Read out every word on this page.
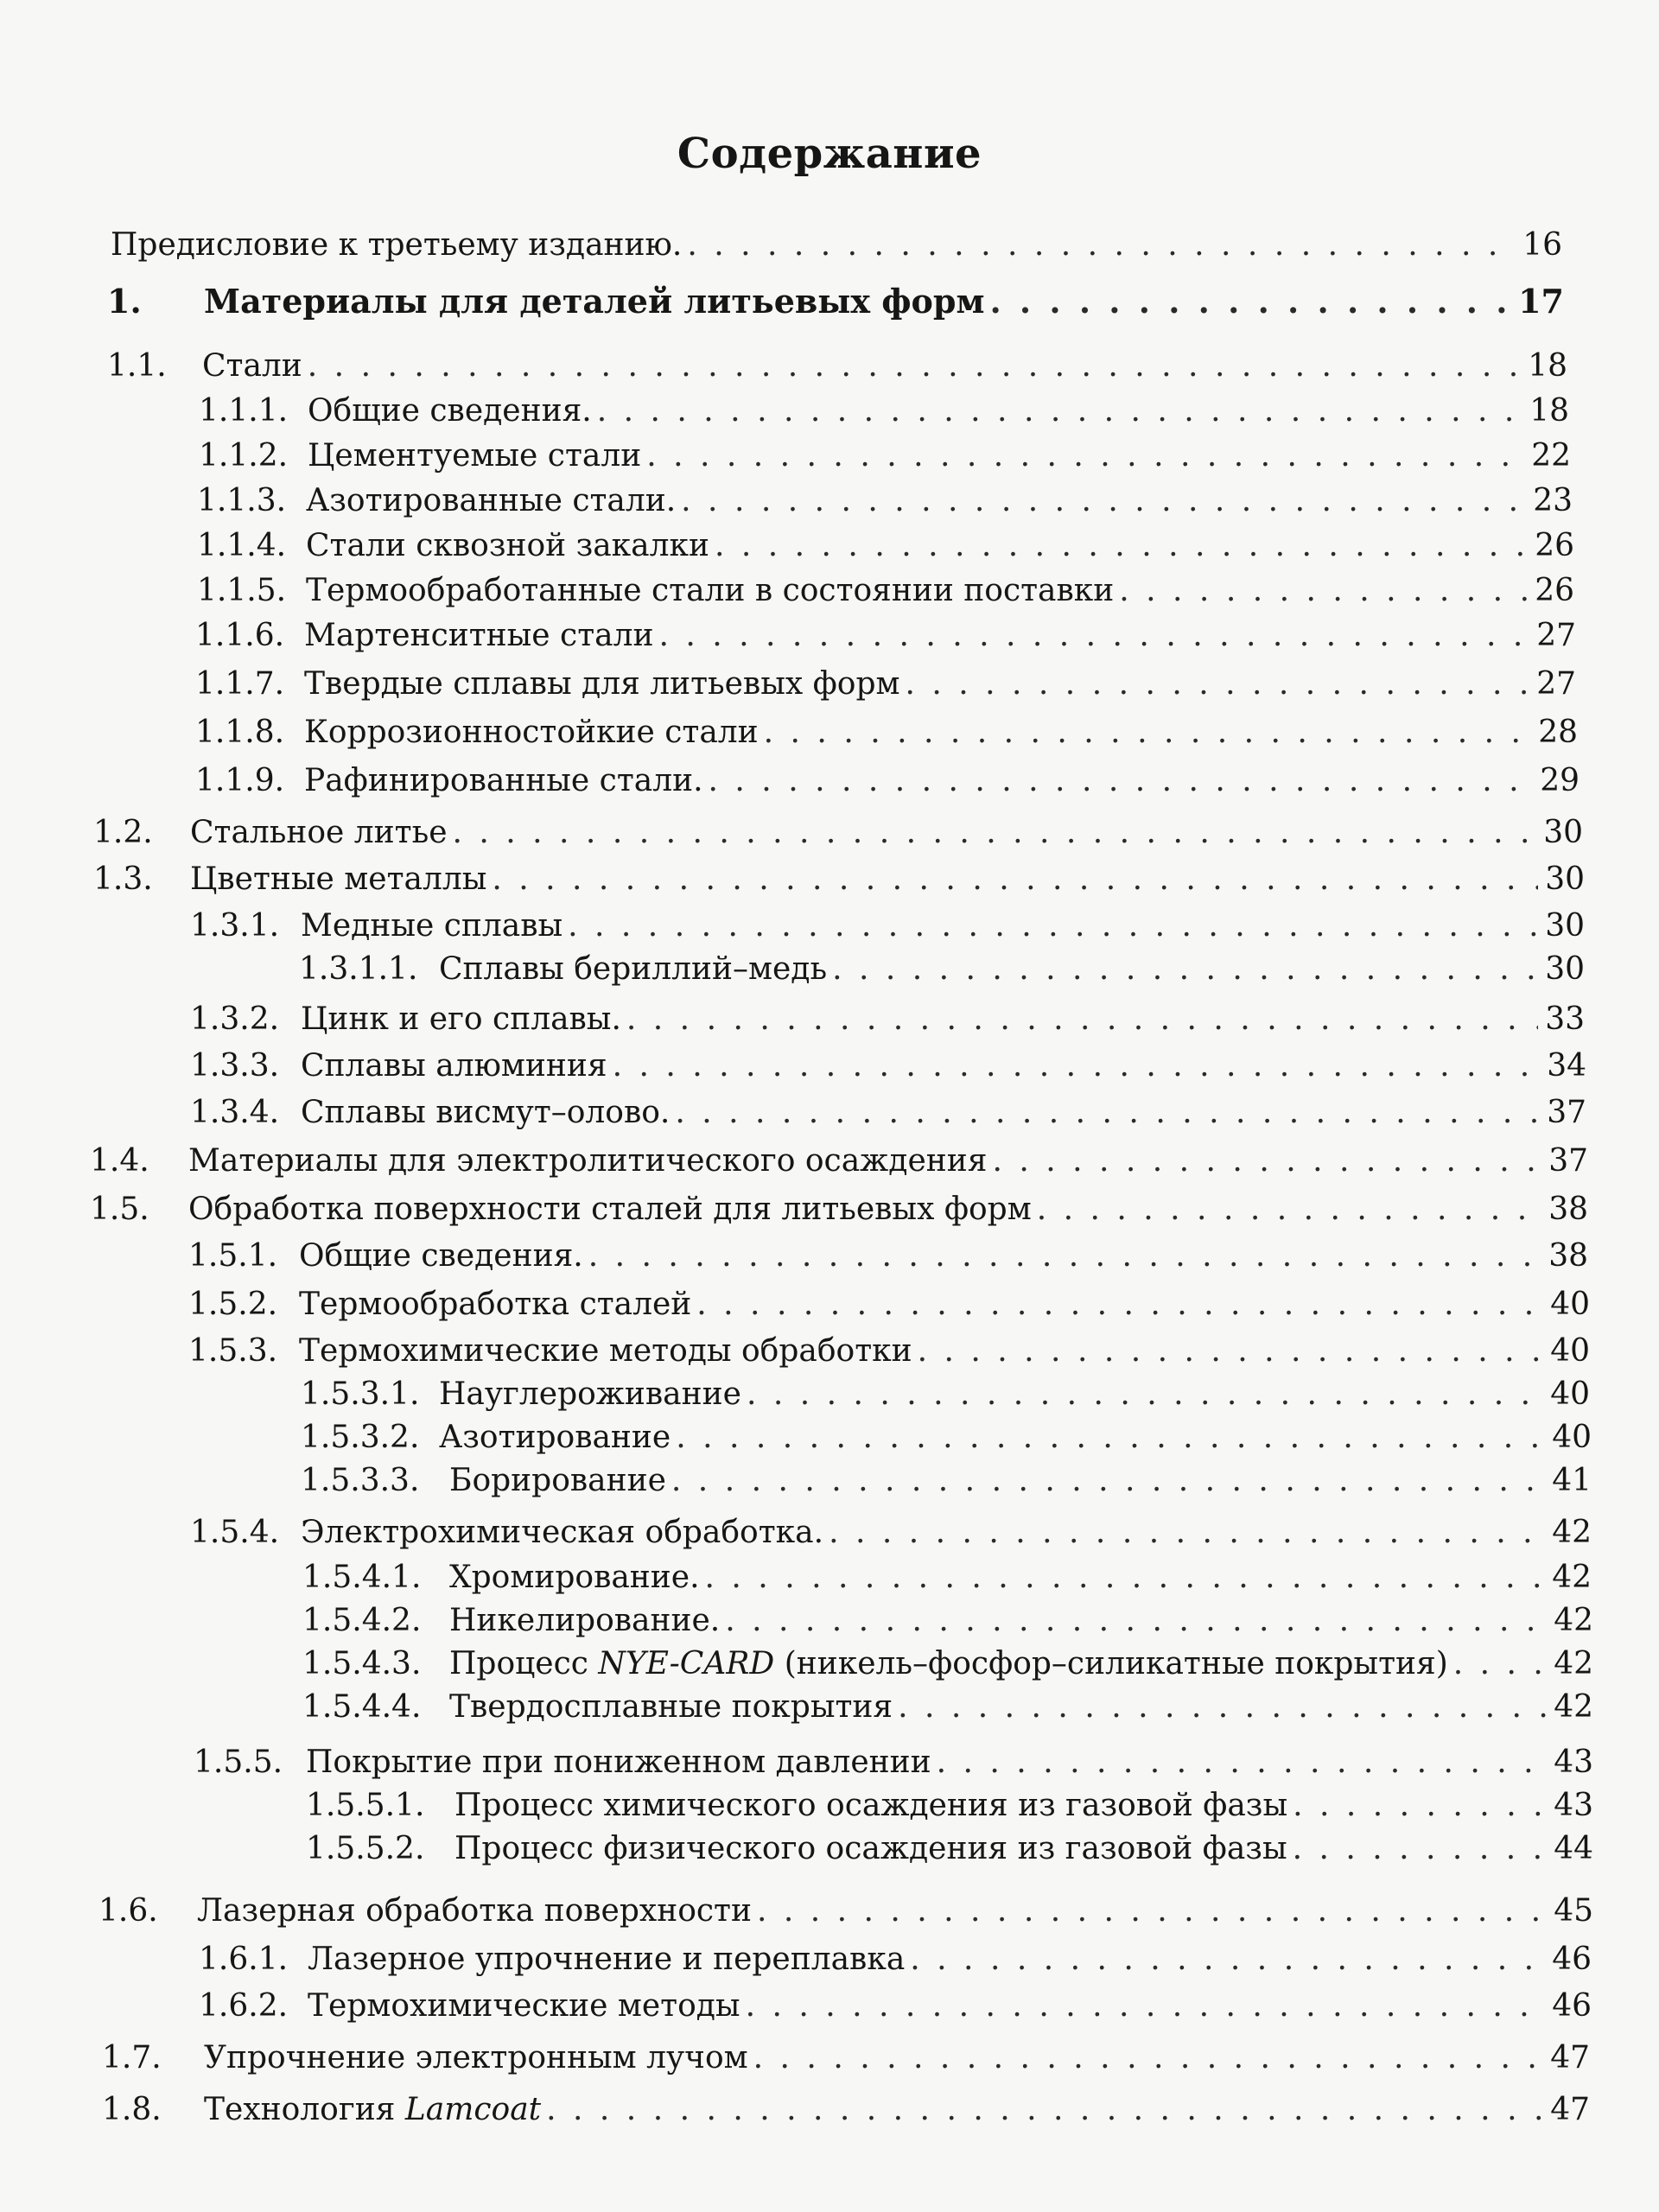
Содержание
Предисловие к третьему изданию. . . .	16
1.	Материалы для деталей литьевых форм . . .	17
1.1.	Стали . . .	18
1.1.1. Общие сведения. . . .	18
1.1.2. Цементуемые стали . . .	22
1.1.3. Азотированные стали. . . .	23
1.1.4. Стали сквозной закалки . . .	26
1.1.5. Термообработанные стали в состоянии поставки . . .	26
1.1.6. Мартенситные стали . . .	27
1.1.7. Твердые сплавы для литьевых форм . . .	27
1.1.8. Коррозионностойкие стали . . .	28
1.1.9. Рафинированные стали. . . .	29
1.2.	Стальное литье . . .	30
1.3.	Цветные металлы . . .	30
1.3.1. Медные сплавы . . .	30
1.3.1.1. Сплавы бериллий–медь . . .	30
1.3.2. Цинк и его сплавы. . . .	33
1.3.3. Сплавы алюминия . . .	34
1.3.4. Сплавы висмут–олово. . . .	37
1.4.	Материалы для электролитического осаждения . . .	37
1.5.	Обработка поверхности сталей для литьевых форм . . .	38
1.5.1. Общие сведения. . . .	38
1.5.2. Термообработка сталей . . .	40
1.5.3. Термохимические методы обработки . . .	40
1.5.3.1. Науглероживание . . .	40
1.5.3.2. Азотирование . . .	40
1.5.3.3. Борирование . . .	41
1.5.4. Электрохимическая обработка. . . .	42
1.5.4.1. Хромирование. . . .	42
1.5.4.2. Никелирование. . . .	42
1.5.4.3. Процесс NYE-CARD (никель–фосфор–силикатные покрытия) . . .	42
1.5.4.4. Твердосплавные покрытия . . .	42
1.5.5. Покрытие при пониженном давлении . . .	43
1.5.5.1. Процесс химического осаждения из газовой фазы . . .	43
1.5.5.2. Процесс физического осаждения из газовой фазы . . .	44
1.6.	Лазерная обработка поверхности . . .	45
1.6.1. Лазерное упрочнение и переплавка . . .	46
1.6.2. Термохимические методы . . .	46
1.7.	Упрочнение электронным лучом . . .	47
1.8.	Технология Lamcoat . . .	47
